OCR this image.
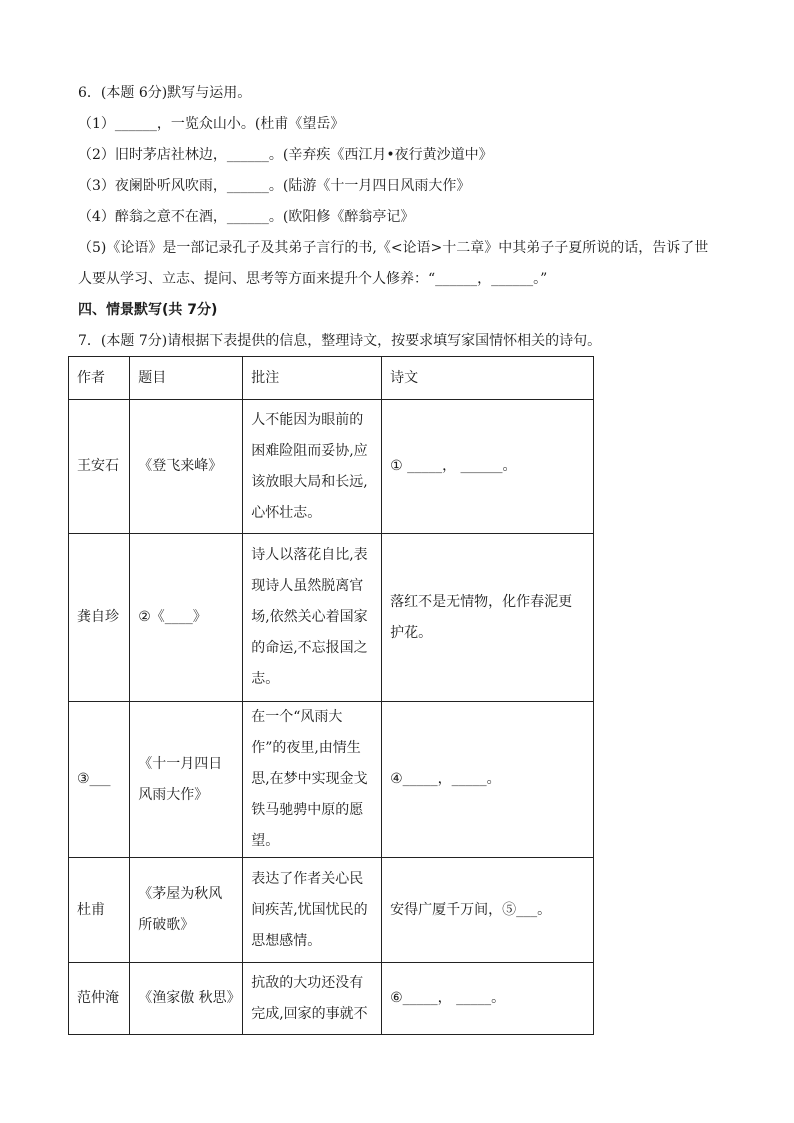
6．(本题 6分)默写与运用。
（1）______，一览众山小。(杜甫《望岳》
（2）旧时茅店社林边，______。(辛弃疾《西江月•夜行黄沙道中》
（3）夜阑卧听风吹雨，______。(陆游《十一月四日风雨大作》
（4）醉翁之意不在酒，______。(欧阳修《醉翁亭记》
（5)《论语》是一部记录孔子及其弟子言行的书,《<论语>十二章》中其弟子子夏所说的话，告诉了世
人要从学习、立志、提问、思考等方面来提升个人修养：“______，______。”
四、情景默写(共 7分)
7．(本题 7分)请根据下表提供的信息，整理诗文，按要求填写家国情怀相关的诗句。
作者	题目	批注	诗文
王安石	《登飞来峰》	人不能因为眼前的困难险阻而妥协,应该放眼大局和长远,心怀壮志。	① _____， ______。
龚自珍	②《____》	诗人以落花自比,表现诗人虽然脱离官场,依然关心着国家的命运,不忘报国之志。	落红不是无情物，化作春泥更护花。
③___	《十一月四日风雨大作》	在一个“风雨大作”的夜里,由情生思,在梦中实现金戈铁马驰骋中原的愿望。	④_____，_____。
杜甫	《茅屋为秋风所破歌》	表达了作者关心民间疾苦,忧国忧民的思想感情。	安得广厦千万间，⑤___。
范仲淹	《渔家傲 秋思》	抗敌的大功还没有完成,回家的事就不	⑥_____， _____。
